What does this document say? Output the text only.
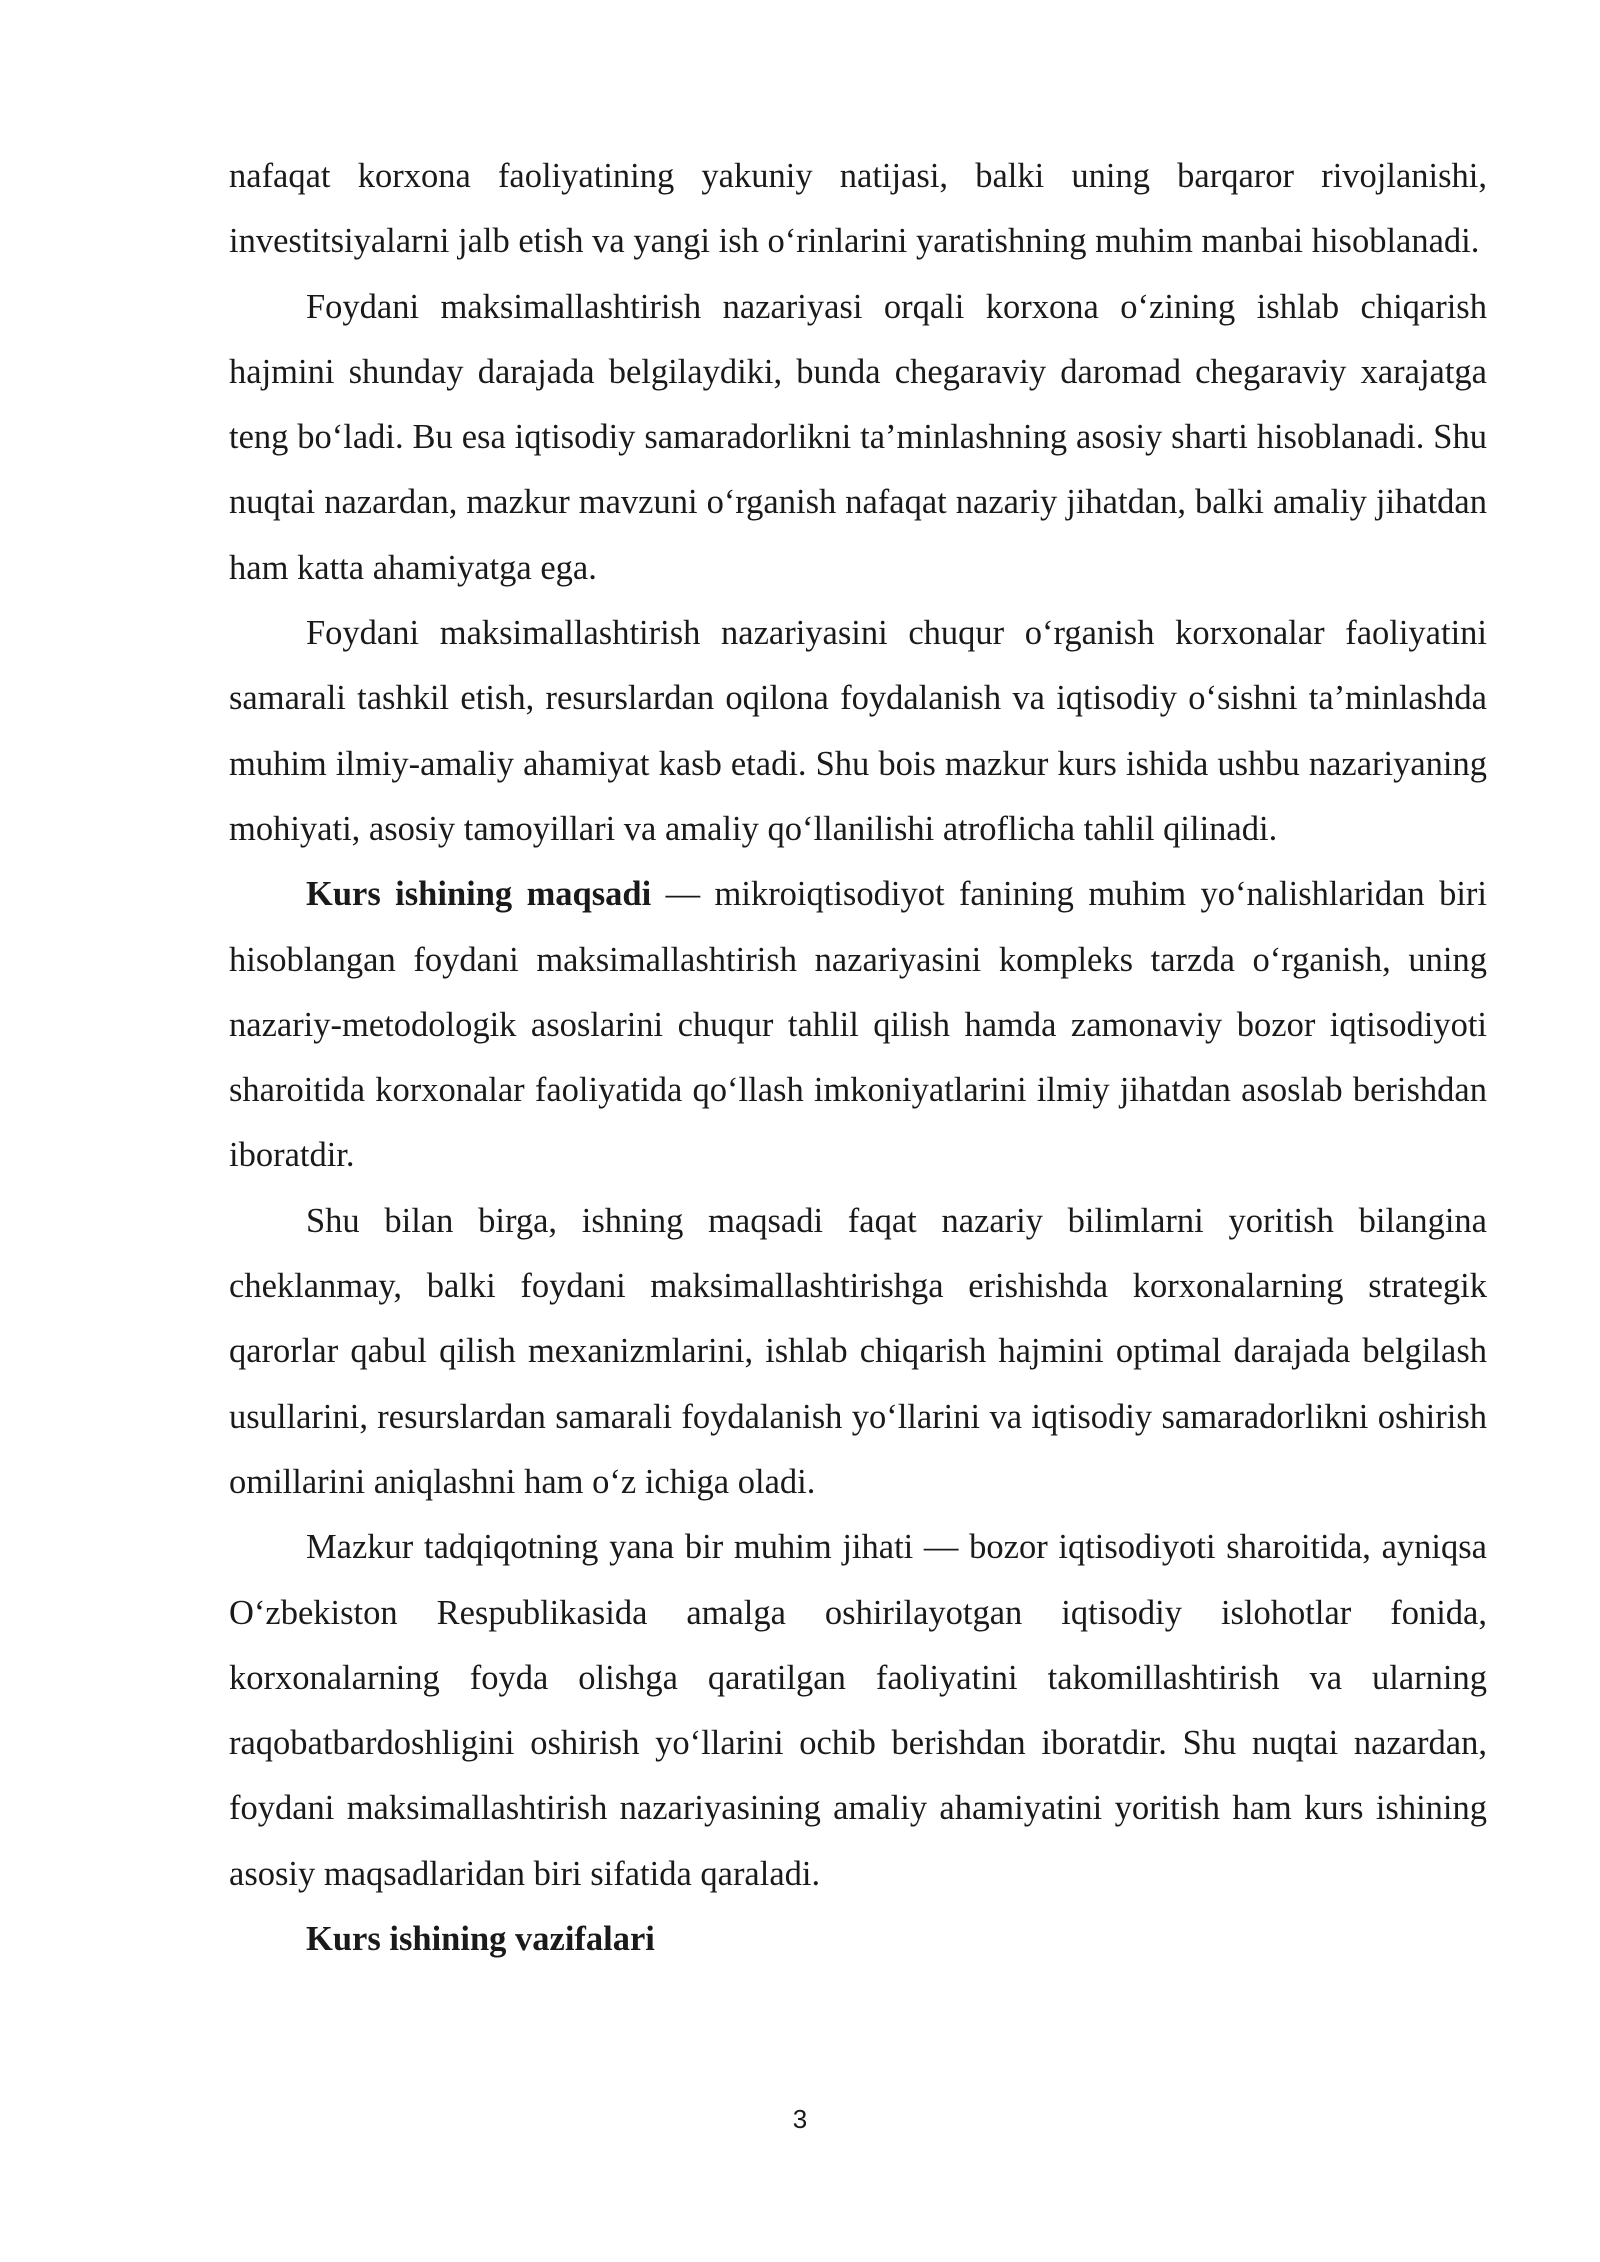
nafaqat korxona faoliyatining yakuniy natijasi, balki uning barqaror rivojlanishi, investitsiyalarni jalb etish va yangi ish o‘rinlarini yaratishning muhim manbai hisoblanadi.

Foydani maksimallashtirish nazariyasi orqali korxona o‘zining ishlab chiqarish hajmini shunday darajada belgilaydiki, bunda chegaraviy daromad chegaraviy xarajatga teng bo‘ladi. Bu esa iqtisodiy samaradorlikni ta’minlashning asosiy sharti hisoblanadi. Shu nuqtai nazardan, mazkur mavzuni o‘rganish nafaqat nazariy jihatdan, balki amaliy jihatdan ham katta ahamiyatga ega.

Foydani maksimallashtirish nazariyasini chuqur o‘rganish korxonalar faoliyatini samarali tashkil etish, resurslardan oqilona foydalanish va iqtisodiy o‘sishni ta’minlashda muhim ilmiy-amaliy ahamiyat kasb etadi. Shu bois mazkur kurs ishida ushbu nazariyaning mohiyati, asosiy tamoyillari va amaliy qo‘llanilishi atroflicha tahlil qilinadi.

Kurs ishining maqsadi — mikroiqtisodiyot fanining muhim yo‘nalishlaridan biri hisoblangan foydani maksimallashtirish nazariyasini kompleks tarzda o‘rganish, uning nazariy-metodologik asoslarini chuqur tahlil qilish hamda zamonaviy bozor iqtisodiyoti sharoitida korxonalar faoliyatida qo‘llash imkoniyatlarini ilmiy jihatdan asoslab berishdan iboratdir.

Shu bilan birga, ishning maqsadi faqat nazariy bilimlarni yoritish bilangina cheklanmay, balki foydani maksimallashtirishga erishishda korxonalarning strategik qarorlar qabul qilish mexanizmlarini, ishlab chiqarish hajmini optimal darajada belgilash usullarini, resurslardan samarali foydalanish yo‘llarini va iqtisodiy samaradorlikni oshirish omillarini aniqlashni ham o‘z ichiga oladi.

Mazkur tadqiqotning yana bir muhim jihati — bozor iqtisodiyoti sharoitida, ayniqsa O‘zbekiston Respublikasida amalga oshirilayotgan iqtisodiy islohotlar fonida, korxonalarning foyda olishga qaratilgan faoliyatini takomillashtirish va ularning raqobatbardoshligini oshirish yo‘llarini ochib berishdan iboratdir. Shu nuqtai nazardan, foydani maksimallashtirish nazariyasining amaliy ahamiyatini yoritish ham kurs ishining asosiy maqsadlaridan biri sifatida qaraladi.

Kurs ishining vazifalari

3
